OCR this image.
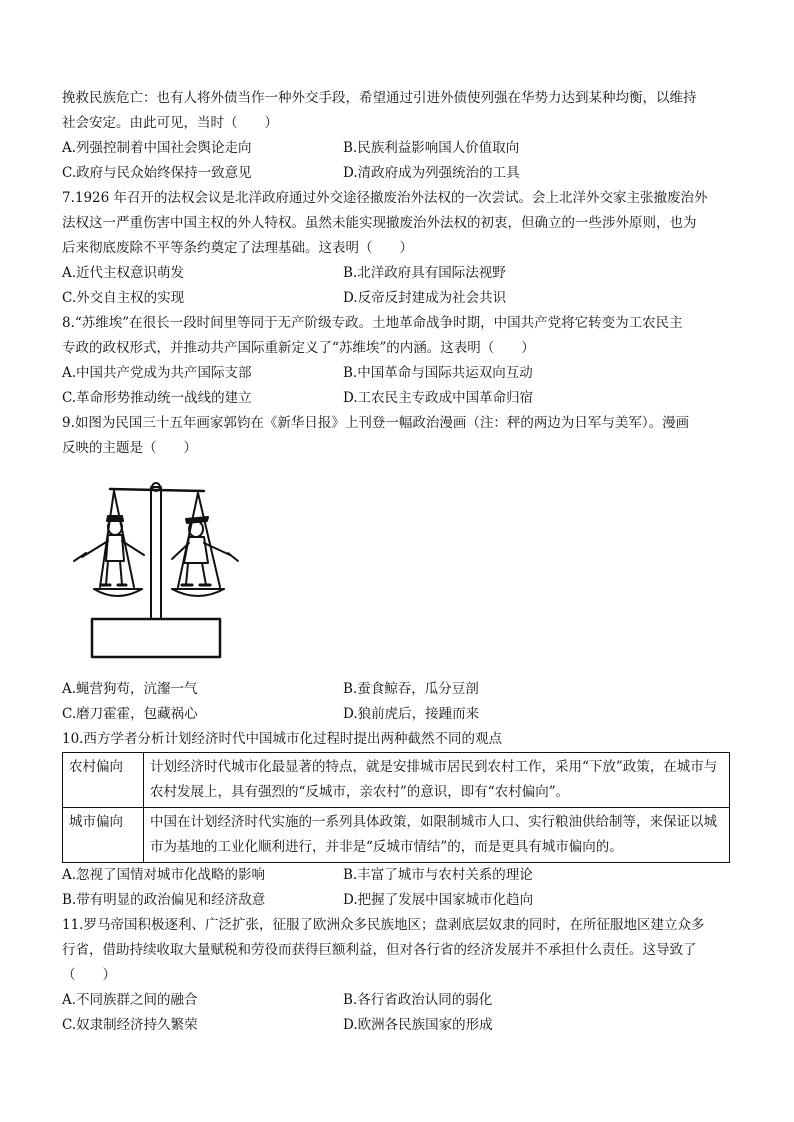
挽救民族危亡：也有人将外债当作一种外交手段，希望通过引进外债使列强在华势力达到某种均衡，以维持
社会安定。由此可见，当时（　　）
A.列强控制着中国社会舆论走向	B.民族利益影响国人价值取向
C.政府与民众始终保持一致意见	D.清政府成为列强统治的工具
7.1926 年召开的法权会议是北洋政府通过外交途径撤废治外法权的一次尝试。会上北洋外交家主张撤废治外
法权这一严重伤害中国主权的外人特权。虽然未能实现撤废治外法权的初衷，但确立的一些涉外原则，也为
后来彻底废除不平等条约奠定了法理基础。这表明（　　）
A.近代主权意识萌发	B.北洋政府具有国际法视野
C.外交自主权的实现	D.反帝反封建成为社会共识
8.“苏维埃”在很长一段时间里等同于无产阶级专政。土地革命战争时期，中国共产党将它转变为工农民主
专政的政权形式，并推动共产国际重新定义了“苏维埃”的内涵。这表明（　　）
A.中国共产党成为共产国际支部	B.中国革命与国际共运双向互动
C.革命形势推动统一战线的建立	D.工农民主专政成中国革命归宿
9.如图为民国三十五年画家郭钧在《新华日报》上刊登一幅政治漫画（注：秤的两边为日军与美军）。漫画
反映的主题是（　　）
A.蝇营狗苟，沆瀣一气	B.蚕食鲸吞，瓜分豆剖
C.磨刀霍霍，包藏祸心	D.狼前虎后，接踵而来
10.西方学者分析计划经济时代中国城市化过程时提出两种截然不同的观点
农村偏向	计划经济时代城市化最显著的特点，就是安排城市居民到农村工作，采用“下放”政策，在城市与农村发展上，具有强烈的“反城市，亲农村”的意识，即有“农村偏向”。
城市偏向	中国在计划经济时代实施的一系列具体政策，如限制城市人口、实行粮油供给制等，来保证以城市为基地的工业化顺利进行，并非是“反城市情结”的，而是更具有城市偏向的。
A.忽视了国情对城市化战略的影响	B.丰富了城市与农村关系的理论
B.带有明显的政治偏见和经济敌意	D.把握了发展中国家城市化趋向
11.罗马帝国积极逐利、广泛扩张，征服了欧洲众多民族地区；盘剥底层奴隶的同时，在所征服地区建立众多
行省，借助持续收取大量赋税和劳役而获得巨额利益，但对各行省的经济发展并不承担什么责任。这导致了
（　　）
A.不同族群之间的融合	B.各行省政治认同的弱化
C.奴隶制经济持久繁荣	D.欧洲各民族国家的形成
